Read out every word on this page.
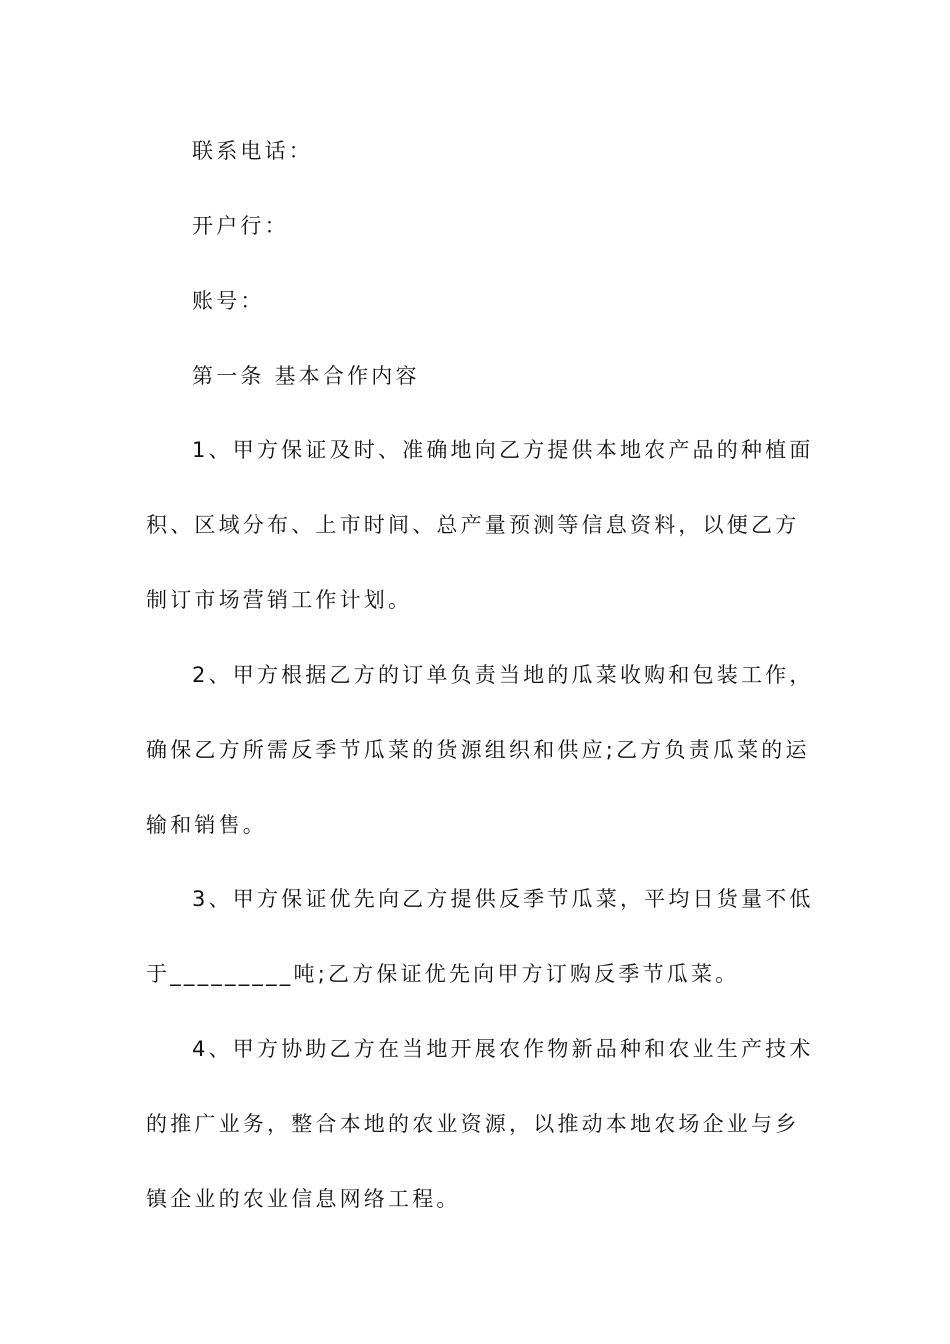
联系电话：
开户行：
账号：
第一条 基本合作内容
1、甲方保证及时、准确地向乙方提供本地农产品的种植面
积、区域分布、上市时间、总产量预测等信息资料，以便乙方
制订市场营销工作计划。
2、甲方根据乙方的订单负责当地的瓜菜收购和包装工作，
确保乙方所需反季节瓜菜的货源组织和供应;乙方负责瓜菜的运
输和销售。
3、甲方保证优先向乙方提供反季节瓜菜，平均日货量不低
于_________吨;乙方保证优先向甲方订购反季节瓜菜。
4、甲方协助乙方在当地开展农作物新品种和农业生产技术
的推广业务，整合本地的农业资源，以推动本地农场企业与乡
镇企业的农业信息网络工程。
